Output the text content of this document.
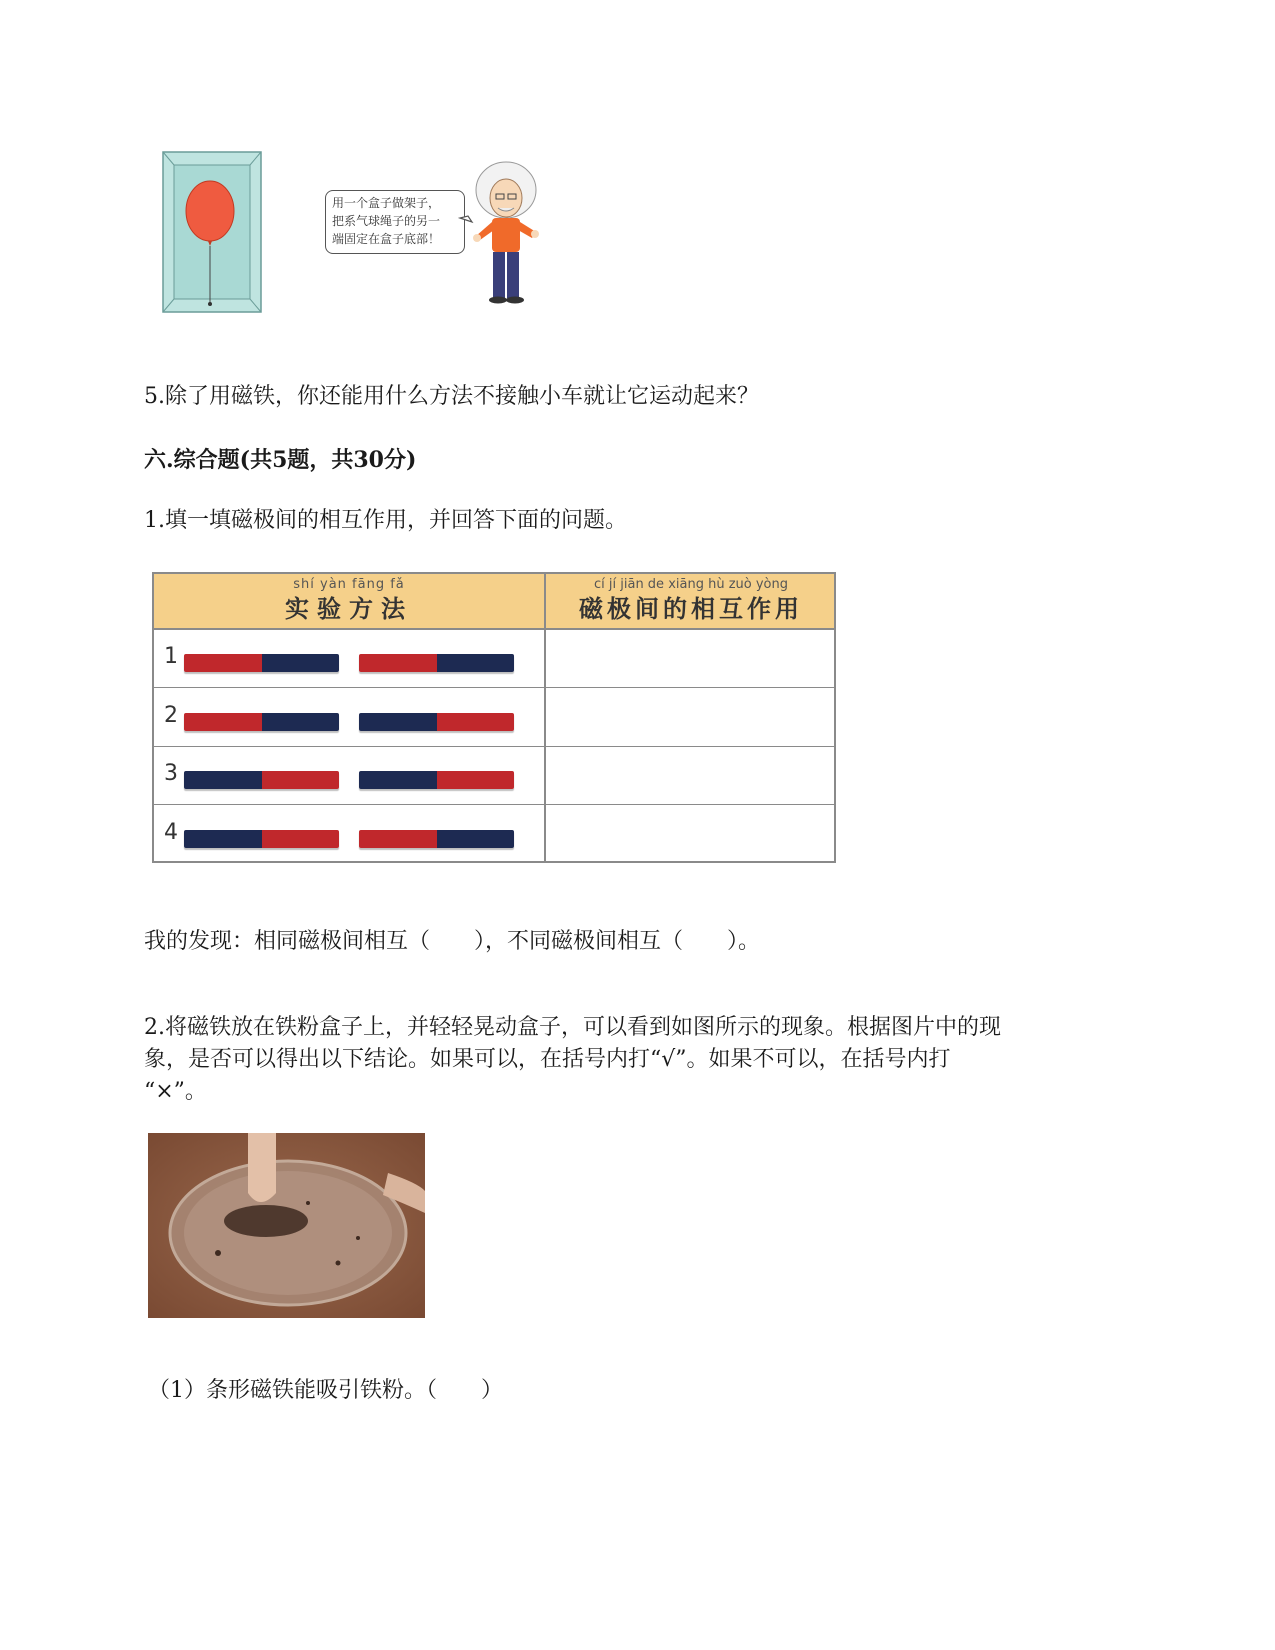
用一个盒子做架子，
把系气球绳子的另一
端固定在盒子底部！
5.除了用磁铁，你还能用什么方法不接触小车就让它运动起来？
六.综合题(共5题，共30分)
1.填一填磁极间的相互作用，并回答下面的问题。
shí yàn fāng fǎ
实验方法
cí jí jiān de xiāng hù zuò yòng
磁极间的相互作用
1
2
3
4
我的发现：相同磁极间相互（　　），不同磁极间相互（　　）。
2.将磁铁放在铁粉盒子上，并轻轻晃动盒子，可以看到如图所示的现象。根据图片中的现
象，是否可以得出以下结论。如果可以，在括号内打“√”。如果不可以，在括号内打
“×”。
（1）条形磁铁能吸引铁粉。（　　）
